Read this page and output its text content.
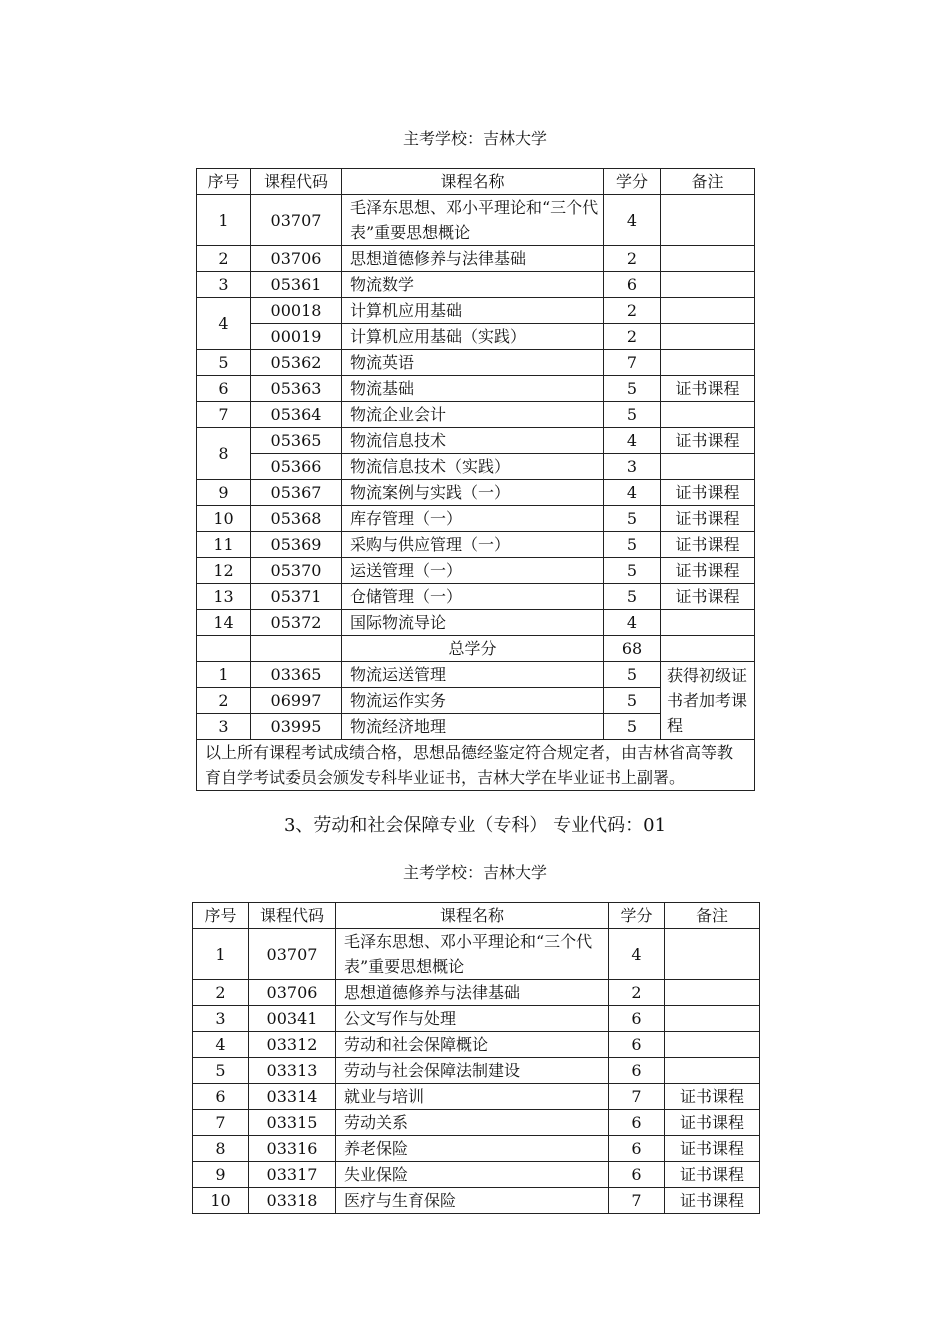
主考学校：吉林大学
序号	课程代码	课程名称	学分	备注
1	03707	毛泽东思想、邓小平理论和“三个代表”重要思想概论	4	
2	03706	思想道德修养与法律基础	2	
3	05361	物流数学	6	
4	00018	计算机应用基础	2	
	00019	计算机应用基础（实践）	2	
5	05362	物流英语	7	
6	05363	物流基础	5	证书课程
7	05364	物流企业会计	5	
8	05365	物流信息技术	4	证书课程
	05366	物流信息技术（实践）	3	
9	05367	物流案例与实践（一）	4	证书课程
10	05368	库存管理（一）	5	证书课程
11	05369	采购与供应管理（一）	5	证书课程
12	05370	运送管理（一）	5	证书课程
13	05371	仓储管理（一）	5	证书课程
14	05372	国际物流导论	4	
		总学分	68	
1	03365	物流运送管理	5	获得初级证书者加考课程
2	06997	物流运作实务	5	
3	03995	物流经济地理	5	
以上所有课程考试成绩合格，思想品德经鉴定符合规定者，由吉林省高等教育自学考试委员会颁发专科毕业证书，吉林大学在毕业证书上副署。				
3、劳动和社会保障专业（专科） 专业代码：01
主考学校：吉林大学
序号	课程代码	课程名称	学分	备注
1	03707	毛泽东思想、邓小平理论和“三个代表”重要思想概论	4	
2	03706	思想道德修养与法律基础	2	
3	00341	公文写作与处理	6	
4	03312	劳动和社会保障概论	6	
5	03313	劳动与社会保障法制建设	6	
6	03314	就业与培训	7	证书课程
7	03315	劳动关系	6	证书课程
8	03316	养老保险	6	证书课程
9	03317	失业保险	6	证书课程
10	03318	医疗与生育保险	7	证书课程
